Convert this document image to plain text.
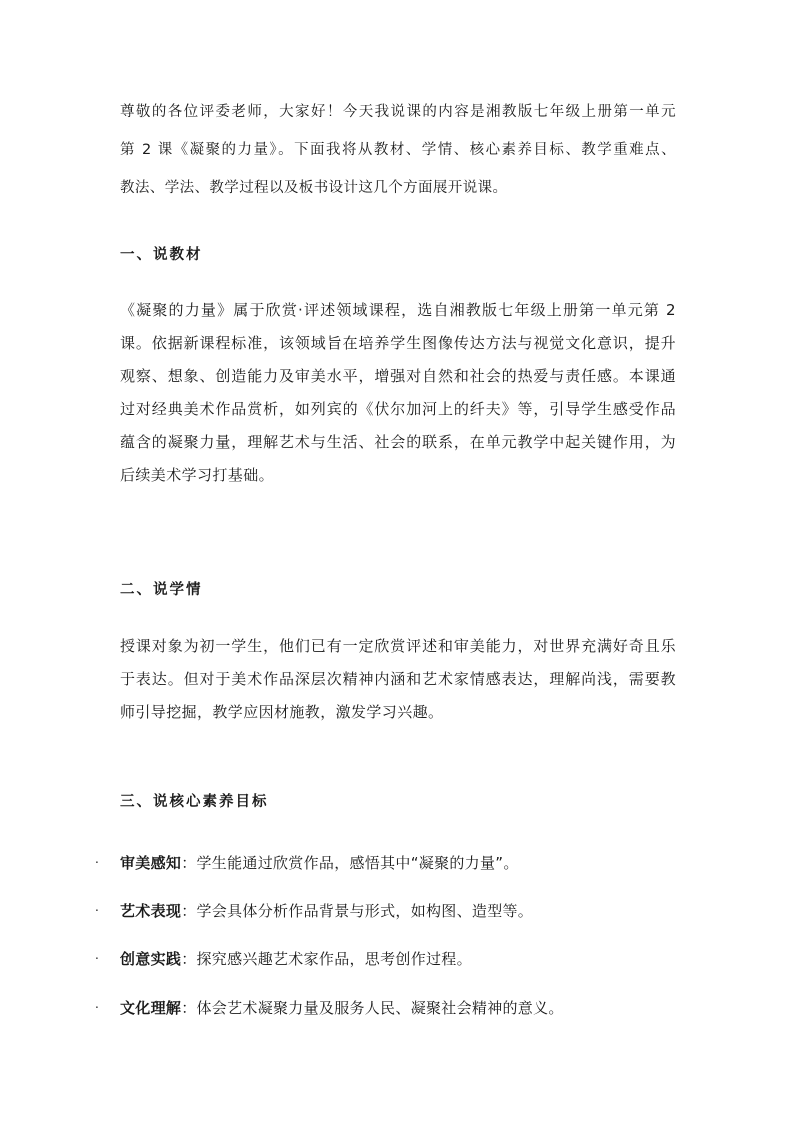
尊敬的各位评委老师，大家好！今天我说课的内容是湘教版七年级上册第一单元
第 2 课《凝聚的力量》。下面我将从教材、学情、核心素养目标、教学重难点、
教法、学法、教学过程以及板书设计这几个方面展开说课。

一、说教材

《凝聚的力量》属于欣赏·评述领域课程，选自湘教版七年级上册第一单元第 2
课。依据新课程标准，该领域旨在培养学生图像传达方法与视觉文化意识，提升
观察、想象、创造能力及审美水平，增强对自然和社会的热爱与责任感。本课通
过对经典美术作品赏析，如列宾的《伏尔加河上的纤夫》等，引导学生感受作品
蕴含的凝聚力量，理解艺术与生活、社会的联系，在单元教学中起关键作用，为
后续美术学习打基础。

二、说学情

授课对象为初一学生，他们已有一定欣赏评述和审美能力，对世界充满好奇且乐
于表达。但对于美术作品深层次精神内涵和艺术家情感表达，理解尚浅，需要教
师引导挖掘，教学应因材施教，激发学习兴趣。

三、说核心素养目标
. 审美感知：学生能通过欣赏作品，感悟其中“凝聚的力量”。
. 艺术表现：学会具体分析作品背景与形式，如构图、造型等。
. 创意实践：探究感兴趣艺术家作品，思考创作过程。
. 文化理解：体会艺术凝聚力量及服务人民、凝聚社会精神的意义。
